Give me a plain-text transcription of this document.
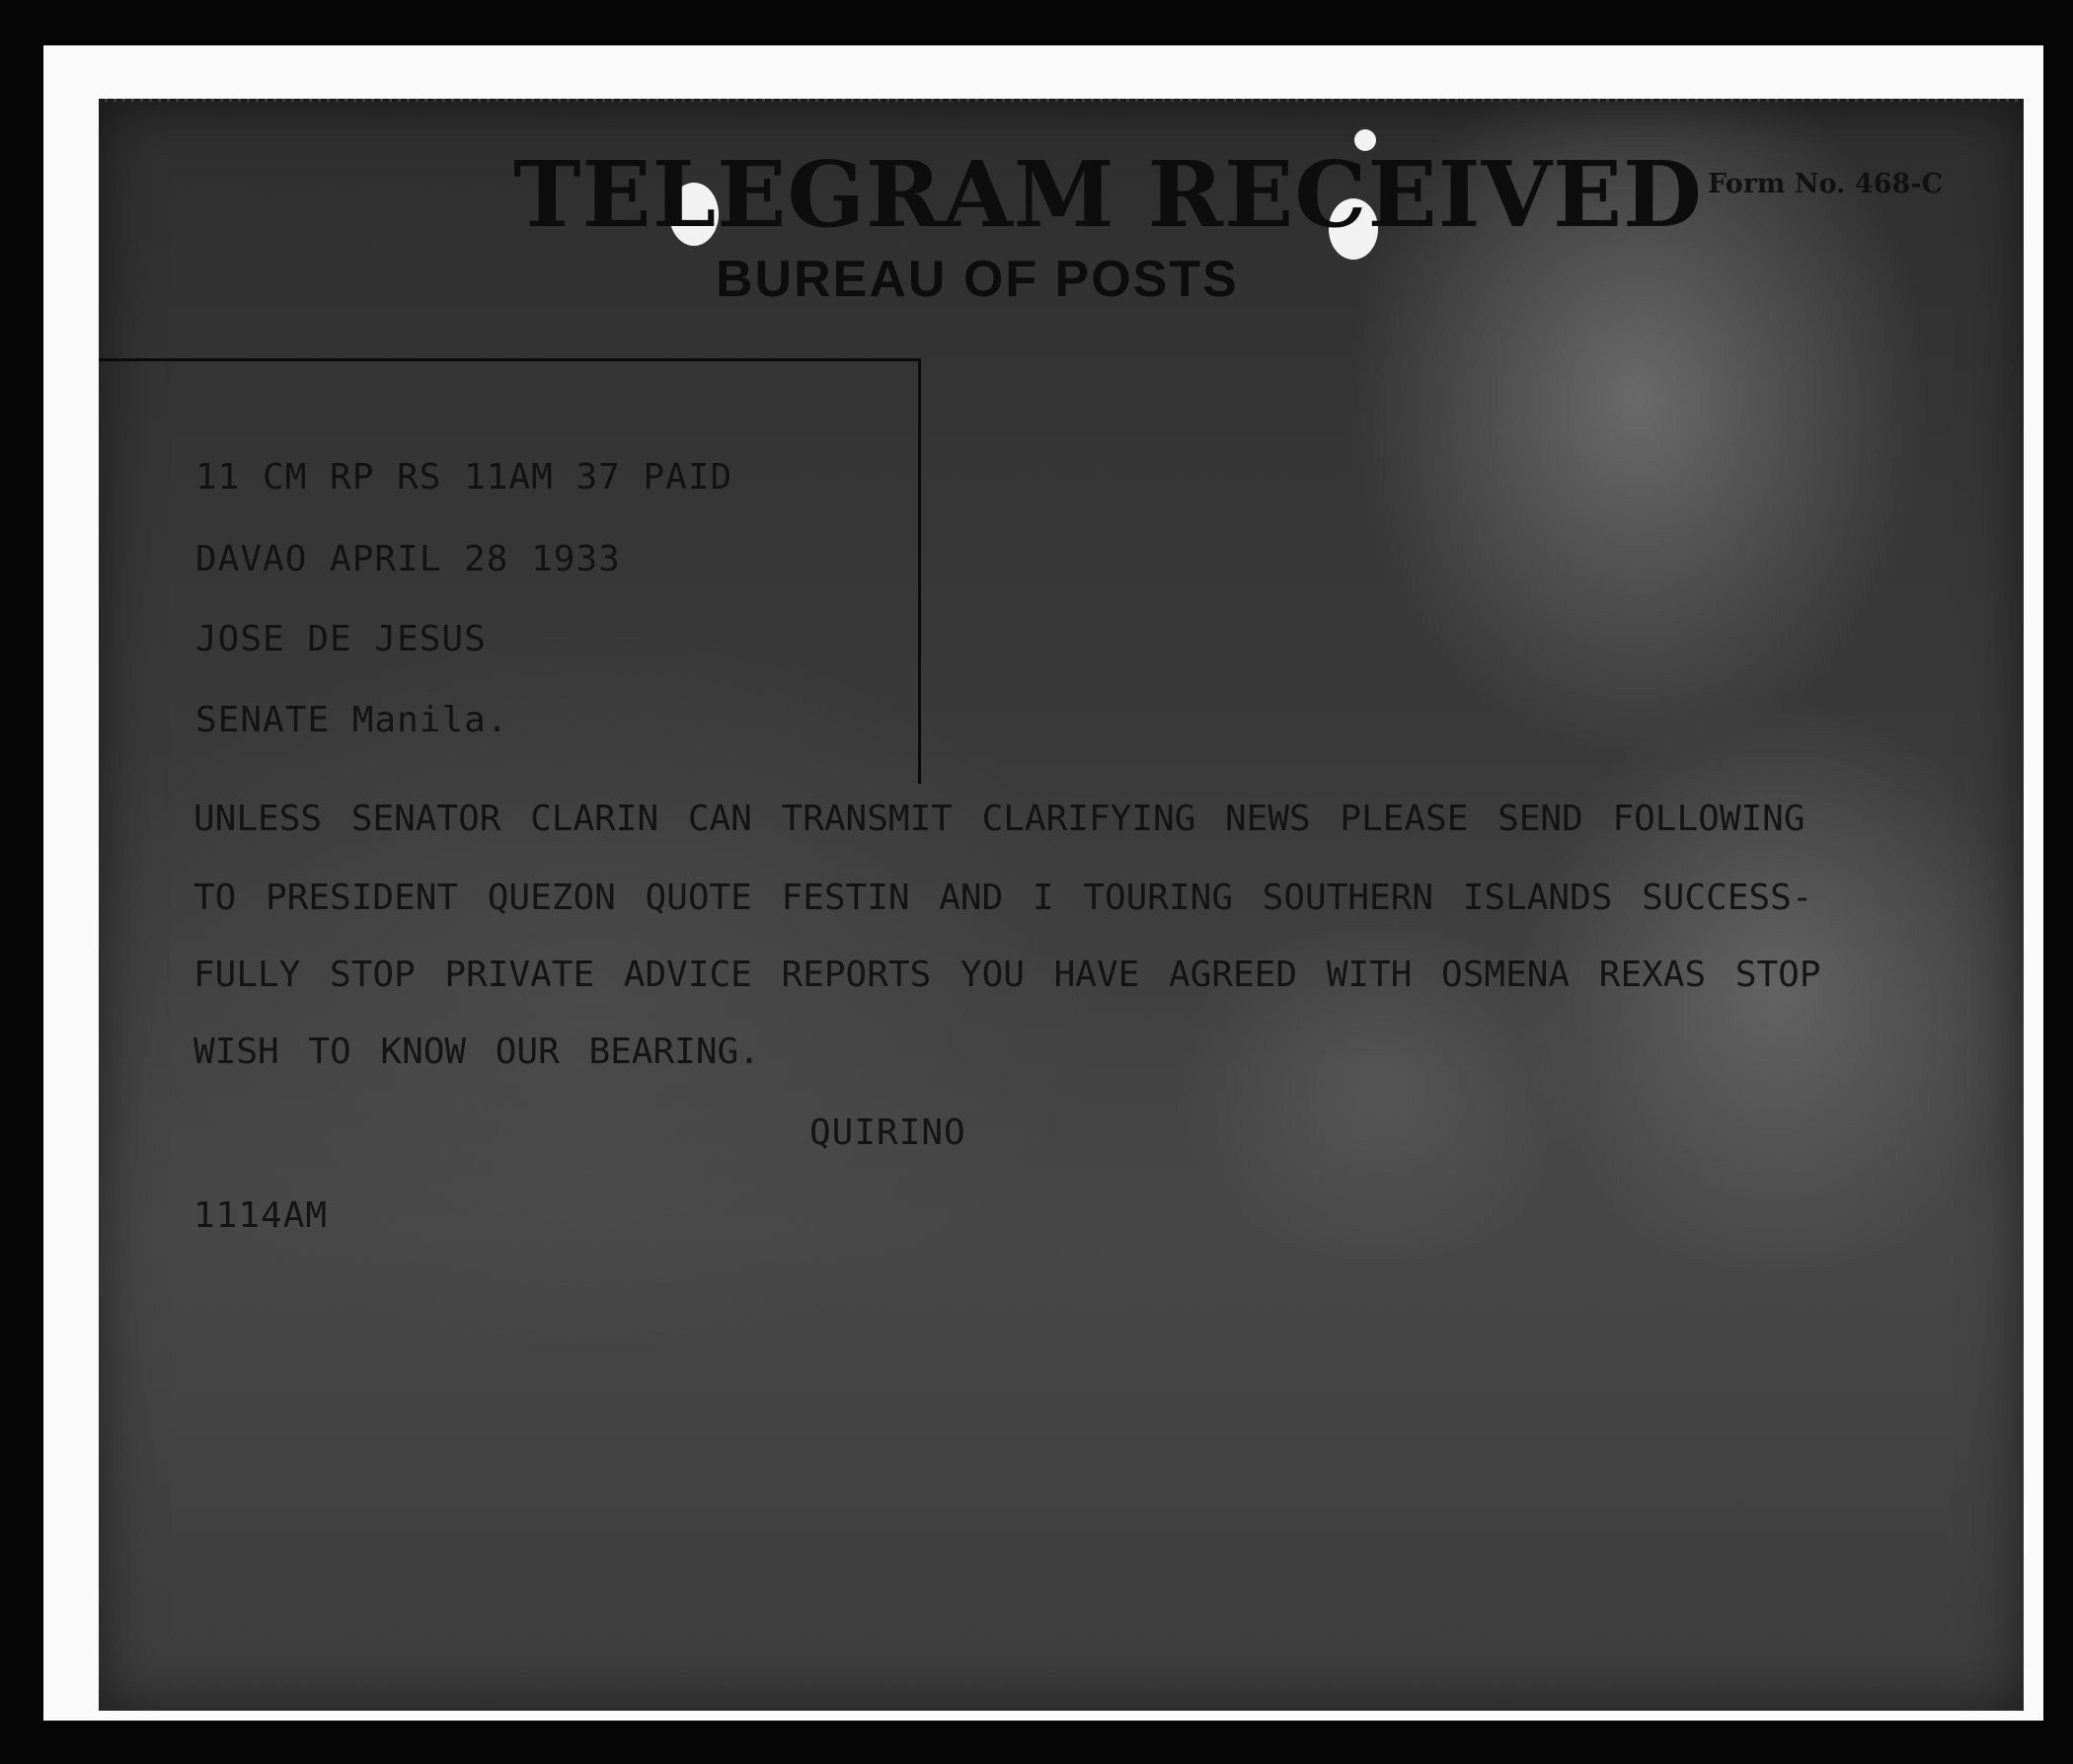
TELEGRAM RECEIVED
BUREAU OF POSTS
Form No. 468-C
11 CM RP RS 11AM 37 PAID
DAVAO APRIL 28 1933
JOSE DE JESUS
SENATE Manila.
UNLESS SENATOR CLARIN CAN TRANSMIT CLARIFYING NEWS PLEASE SEND FOLLOWING
TO PRESIDENT QUEZON QUOTE FESTIN AND I TOURING SOUTHERN ISLANDS SUCCESS-
FULLY STOP PRIVATE ADVICE REPORTS YOU HAVE AGREED WITH OSMENA REXAS STOP
WISH TO KNOW OUR BEARING.
QUIRINO
1114AM
